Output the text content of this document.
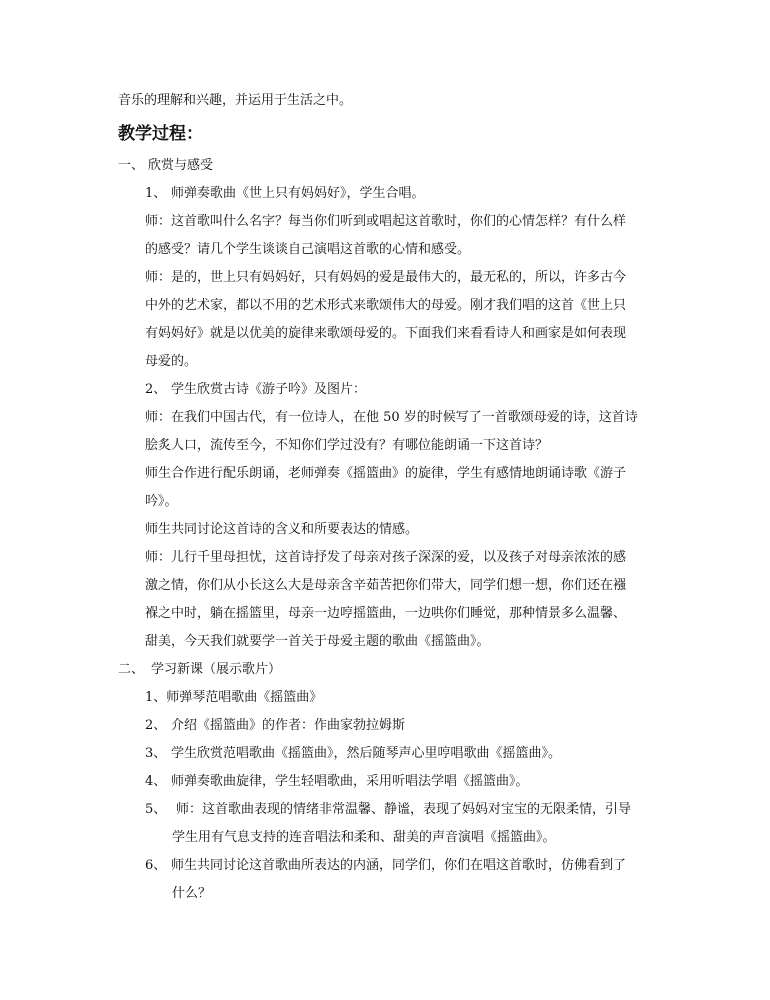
音乐的理解和兴趣，并运用于生活之中。
教学过程：
一、 欣赏与感受
1、 师弹奏歌曲《世上只有妈妈好》，学生合唱。
师：这首歌叫什么名字？每当你们听到或唱起这首歌时，你们的心情怎样？有什么样
的感受？请几个学生谈谈自己演唱这首歌的心情和感受。
师：是的，世上只有妈妈好，只有妈妈的爱是最伟大的，最无私的，所以，许多古今
中外的艺术家，都以不用的艺术形式来歌颂伟大的母爱。刚才我们唱的这首《世上只
有妈妈好》就是以优美的旋律来歌颂母爱的。下面我们来看看诗人和画家是如何表现
母爱的。
2、 学生欣赏古诗《游子吟》及图片：
师：在我们中国古代，有一位诗人，在他 50 岁的时候写了一首歌颂母爱的诗，这首诗
脍炙人口，流传至今，不知你们学过没有？有哪位能朗诵一下这首诗？
师生合作进行配乐朗诵，老师弹奏《摇篮曲》的旋律，学生有感情地朗诵诗歌《游子
吟》。
师生共同讨论这首诗的含义和所要表达的情感。
师：儿行千里母担忧，这首诗抒发了母亲对孩子深深的爱，以及孩子对母亲浓浓的感
激之情，你们从小长这么大是母亲含辛茹苦把你们带大，同学们想一想，你们还在襁
褓之中时，躺在摇篮里，母亲一边哼摇篮曲，一边哄你们睡觉，那种情景多么温馨、
甜美，今天我们就要学一首关于母爱主题的歌曲《摇篮曲》。
二、 学习新课（展示歌片）
1、师弹琴范唱歌曲《摇篮曲》
2、 介绍《摇篮曲》的作者：作曲家勃拉姆斯
3、 学生欣赏范唱歌曲《摇篮曲》，然后随琴声心里哼唱歌曲《摇篮曲》。
4、 师弹奏歌曲旋律，学生轻唱歌曲，采用听唱法学唱《摇篮曲》。
5、 师：这首歌曲表现的情绪非常温馨、静谧，表现了妈妈对宝宝的无限柔情，引导
学生用有气息支持的连音唱法和柔和、甜美的声音演唱《摇篮曲》。
6、 师生共同讨论这首歌曲所表达的内涵，同学们，你们在唱这首歌时，仿佛看到了
什么？
